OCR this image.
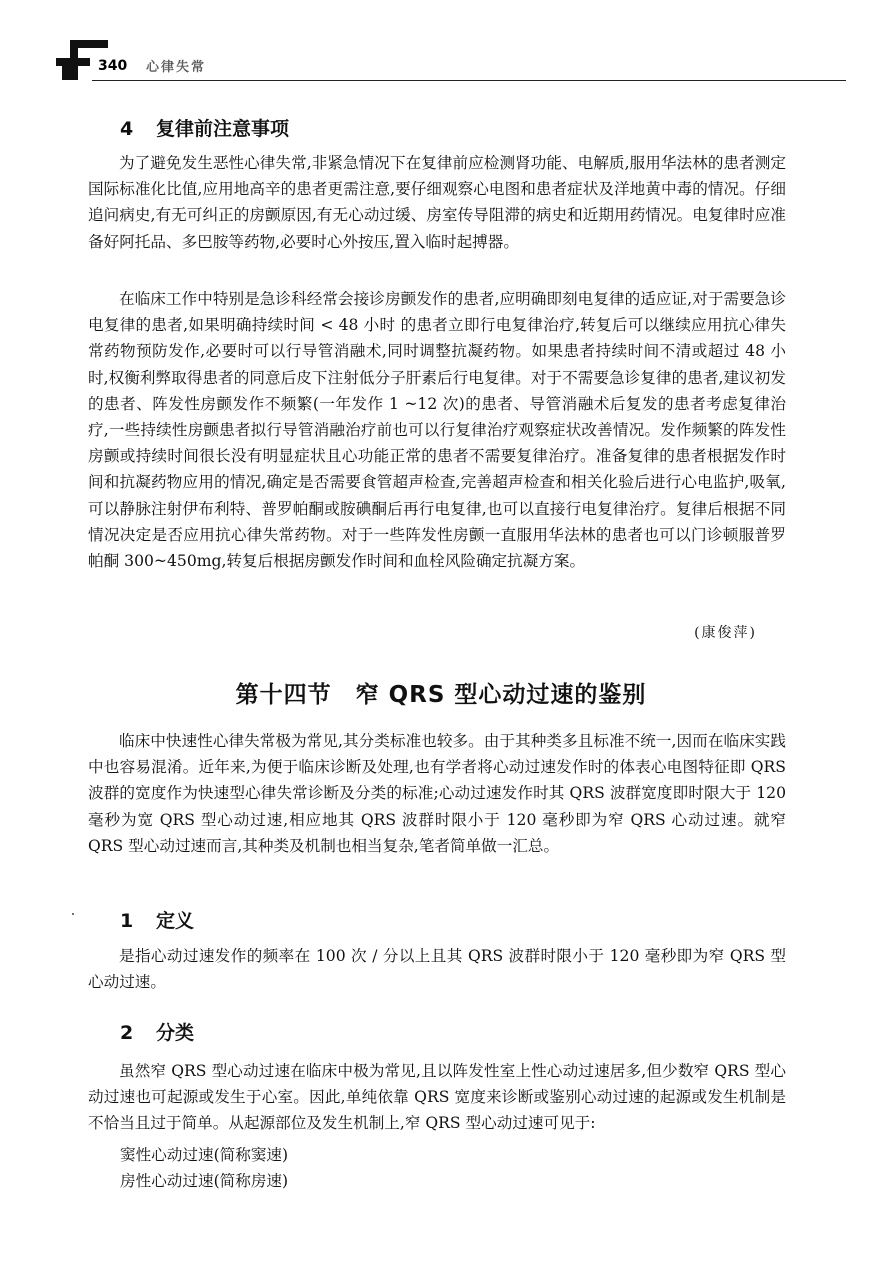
340 心律失常
4 复律前注意事项

为了避免发生恶性心律失常,非紧急情况下在复律前应检测肾功能、电解质,服用华法林的患者测定国际标准化比值,应用地高辛的患者更需注意,要仔细观察心电图和患者症状及洋地黄中毒的情况。仔细追问病史,有无可纠正的房颤原因,有无心动过缓、房室传导阻滞的病史和近期用药情况。电复律时应准备好阿托品、多巴胺等药物,必要时心外按压,置入临时起搏器。

在临床工作中特别是急诊科经常会接诊房颤发作的患者,应明确即刻电复律的适应证,对于需要急诊电复律的患者,如果明确持续时间 < 48 小时 的患者立即行电复律治疗,转复后可以继续应用抗心律失常药物预防发作,必要时可以行导管消融术,同时调整抗凝药物。如果患者持续时间不清或超过 48 小时,权衡利弊取得患者的同意后皮下注射低分子肝素后行电复律。对于不需要急诊复律的患者,建议初发的患者、阵发性房颤发作不频繁(一年发作 1 ~12 次)的患者、导管消融术后复发的患者考虑复律治疗,一些持续性房颤患者拟行导管消融治疗前也可以行复律治疗观察症状改善情况。发作频繁的阵发性房颤或持续时间很长没有明显症状且心功能正常的患者不需要复律治疗。准备复律的患者根据发作时间和抗凝药物应用的情况,确定是否需要食管超声检查,完善超声检查和相关化验后进行心电监护,吸氧,可以静脉注射伊布利特、普罗帕酮或胺碘酮后再行电复律,也可以直接行电复律治疗。复律后根据不同情况决定是否应用抗心律失常药物。对于一些阵发性房颤一直服用华法林的患者也可以门诊顿服普罗帕酮 300~450mg,转复后根据房颤发作时间和血栓风险确定抗凝方案。

(康俊萍)

第十四节　窄 QRS 型心动过速的鉴别

临床中快速性心律失常极为常见,其分类标准也较多。由于其种类多且标准不统一,因而在临床实践中也容易混淆。近年来,为便于临床诊断及处理,也有学者将心动过速发作时的体表心电图特征即 QRS 波群的宽度作为快速型心律失常诊断及分类的标准;心动过速发作时其 QRS 波群宽度即时限大于 120 毫秒为宽 QRS 型心动过速,相应地其 QRS 波群时限小于 120 毫秒即为窄 QRS 心动过速。就窄 QRS 型心动过速而言,其种类及机制也相当复杂,笔者简单做一汇总。

1 定义

是指心动过速发作的频率在 100 次 / 分以上且其 QRS 波群时限小于 120 毫秒即为窄 QRS 型心动过速。

2 分类

虽然窄 QRS 型心动过速在临床中极为常见,且以阵发性室上性心动过速居多,但少数窄 QRS 型心动过速也可起源或发生于心室。因此,单纯依靠 QRS 宽度来诊断或鉴别心动过速的起源或发生机制是不恰当且过于简单。从起源部位及发生机制上,窄 QRS 型心动过速可见于:

窦性心动过速(简称窦速)

房性心动过速(简称房速)
